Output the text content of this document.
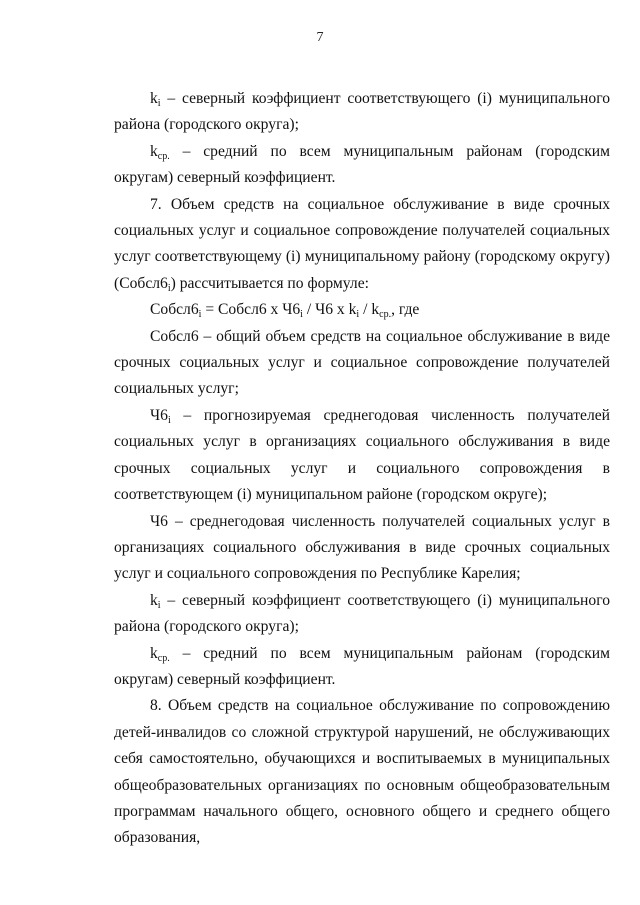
7

$k_i$ – северный коэффициент соответствующего (i) муниципального района (городского округа);

$k_{ср.}$ – средний по всем муниципальным районам (городским округам) северный коэффициент.

7. Объем средств на социальное обслуживание в виде срочных социальных услуг и социальное сопровождение получателей социальных услуг соответствующему (i) муниципальному району (городскому округу) $(Собсл6_i)$ рассчитывается по формуле:

$Собсл6_i$ = Собсл6 х $Ч6_i / Ч6$ х $k_i / k_{ср.}$, где

Собсл6 – общий объем средств на социальное обслуживание в виде срочных социальных услуг и социальное сопровождение получателей социальных услуг;

$Ч6_i$ – прогнозируемая среднегодовая численность получателей социальных услуг в организациях социального обслуживания в виде срочных социальных услуг и социального сопровождения в соответствующем (i) муниципальном районе (городском округе);

Ч6 – среднегодовая численность получателей социальных услуг в организациях социального обслуживания в виде срочных социальных услуг и социального сопровождения по Республике Карелия;

$k_i$ – северный коэффициент соответствующего (i) муниципального района (городского округа);

$k_{ср.}$ – средний по всем муниципальным районам (городским округам) северный коэффициент.

8. Объем средств на социальное обслуживание по сопровождению детей-инвалидов со сложной структурой нарушений, не обслуживающих себя самостоятельно, обучающихся и воспитываемых в муниципальных общеобразовательных организациях по основным общеобразовательным программам начального общего, основного общего и среднего общего образования,
